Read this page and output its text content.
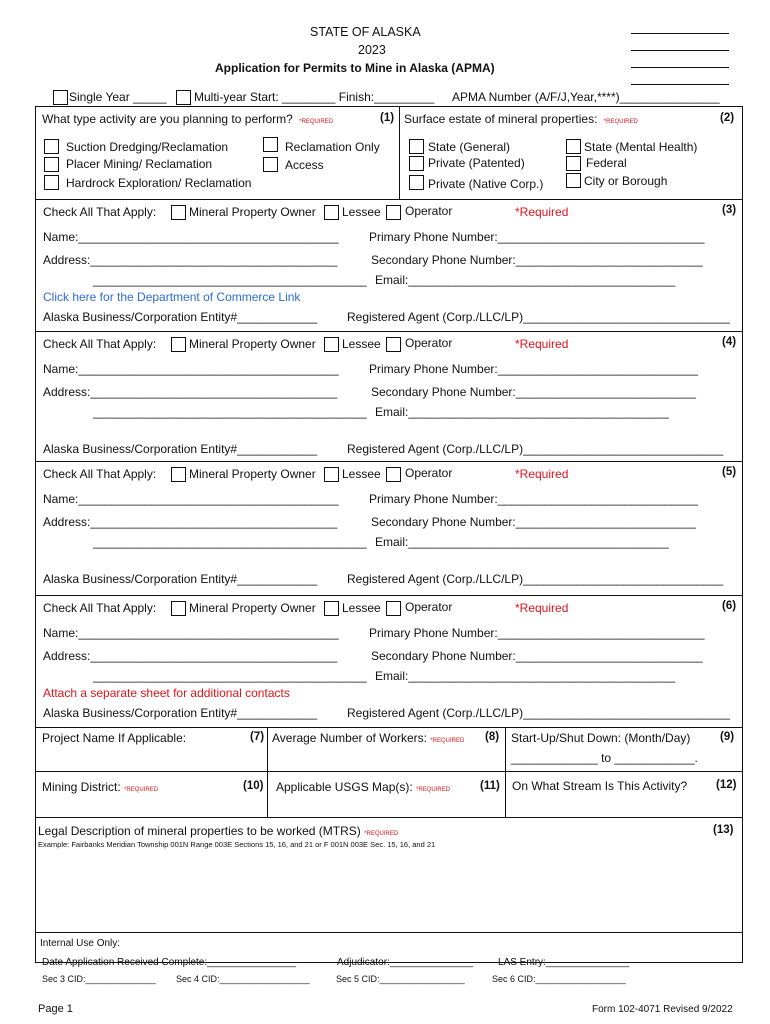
STATE OF ALASKA
2023
Application for Permits to Mine in Alaska (APMA)
Single Year _____ Multi-year Start: ________ Finish:_________ APMA Number (A/F/J,Year,****)_______________
What type activity are you planning to perform? *REQUIRED	(1)
Suction Dredging/Reclamation
Placer Mining/ Reclamation
Hardrock Exploration/ Reclamation
Reclamation Only
Access
Surface estate of mineral properties: *REQUIRED	(2)
State (General)
Private (Patented)
Private (Native Corp.)
State (Mental Health)
Federal
City or Borough
Check All That Apply:	Mineral Property Owner Lessee Operator	*Required	(3)
Name:_______________________________________	Primary Phone Number:_______________________________
Address:_____________________________________	Secondary Phone Number:____________________________
_________________________________________ Email:________________________________________
Click here for the Department of Commerce Link
Alaska Business/Corporation Entity#____________ Registered Agent (Corp./LLC/LP)_______________________________
Check All That Apply:	Mineral Property Owner Lessee Operator	*Required	(4)
Name:_______________________________________	Primary Phone Number:______________________________
Address:_____________________________________	Secondary Phone Number:___________________________
_________________________________________ Email:_______________________________________
Alaska Business/Corporation Entity#____________ Registered Agent (Corp./LLC/LP)______________________________
Check All That Apply:	Mineral Property Owner Lessee Operator	*Required	(5)
Name:_______________________________________	Primary Phone Number:______________________________
Address:_____________________________________	Secondary Phone Number:___________________________
_________________________________________ Email:_______________________________________
Alaska Business/Corporation Entity#____________ Registered Agent (Corp./LLC/LP)______________________________
Check All That Apply:	Mineral Property Owner Lessee Operator	*Required	(6)
Name:_______________________________________	Primary Phone Number:_______________________________
Address:_____________________________________	Secondary Phone Number:____________________________
_________________________________________ Email:________________________________________
Attach a separate sheet for additional contacts
Alaska Business/Corporation Entity#____________ Registered Agent (Corp./LLC/LP)_______________________________
Project Name If Applicable:	(7) Average Number of Workers: *REQUIRED (8) Start-Up/Shut Down: (Month/Day)	(9)
_____________ to ____________.
Mining District: *REQUIRED	(10) Applicable USGS Map(s): *REQUIRED	(11) On What Stream Is This Activity?	(12)
Legal Description of mineral properties to be worked (MTRS) *REQUIRED	(13)
Example: Fairbanks Meridian Township 001N Range 003E Sections 15, 16, and 21 or F 001N 003E Sec. 15, 16, and 21
Internal Use Only:
Date Application Received Complete:________________	Adjudicator:_______________ LAS Entry:_______________
Sec 3 CID:______________ Sec 4 CID:__________________	Sec 5 CID:_________________	Sec 6 CID:__________________
Page 1	Form 102-4071 Revised 9/2022
